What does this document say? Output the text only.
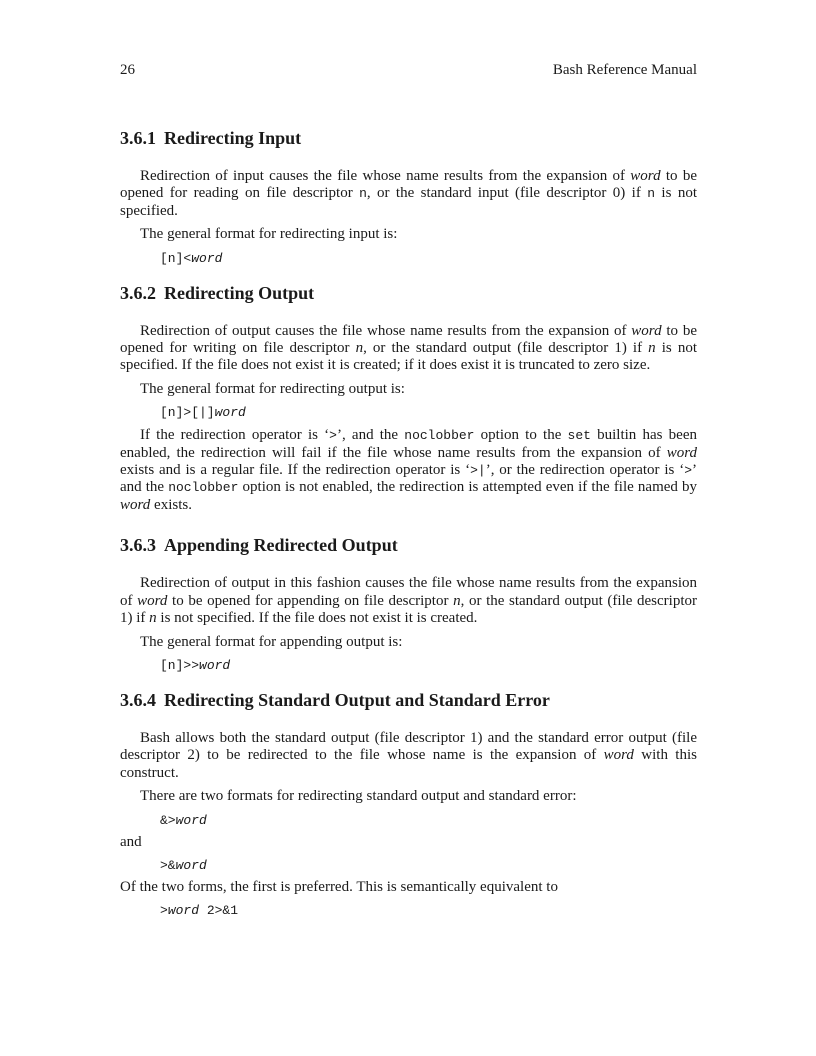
26	Bash Reference Manual
3.6.1 Redirecting Input

Redirection of input causes the file whose name results from the expansion of word to be opened for reading on file descriptor n, or the standard input (file descriptor 0) if n is not specified.

The general format for redirecting input is:

[n]<word
3.6.2 Redirecting Output

Redirection of output causes the file whose name results from the expansion of word to be opened for writing on file descriptor n, or the standard output (file descriptor 1) if n is not specified. If the file does not exist it is created; if it does exist it is truncated to zero size.

The general format for redirecting output is:

[n]>[|]word

If the redirection operator is ‘>’, and the noclobber option to the set builtin has been enabled, the redirection will fail if the file whose name results from the expansion of word exists and is a regular file. If the redirection operator is ‘>|’, or the redirection operator is ‘>’ and the noclobber option is not enabled, the redirection is attempted even if the file named by word exists.

3.6.3 Appending Redirected Output

Redirection of output in this fashion causes the file whose name results from the expansion of word to be opened for appending on file descriptor n, or the standard output (file descriptor 1) if n is not specified. If the file does not exist it is created.

The general format for appending output is:

[n]>>word
3.6.4 Redirecting Standard Output and Standard Error

Bash allows both the standard output (file descriptor 1) and the standard error output (file descriptor 2) to be redirected to the file whose name is the expansion of word with this construct.

There are two formats for redirecting standard output and standard error:

&>word

and

>&word

Of the two forms, the first is preferred. This is semantically equivalent to

>word 2>&1
